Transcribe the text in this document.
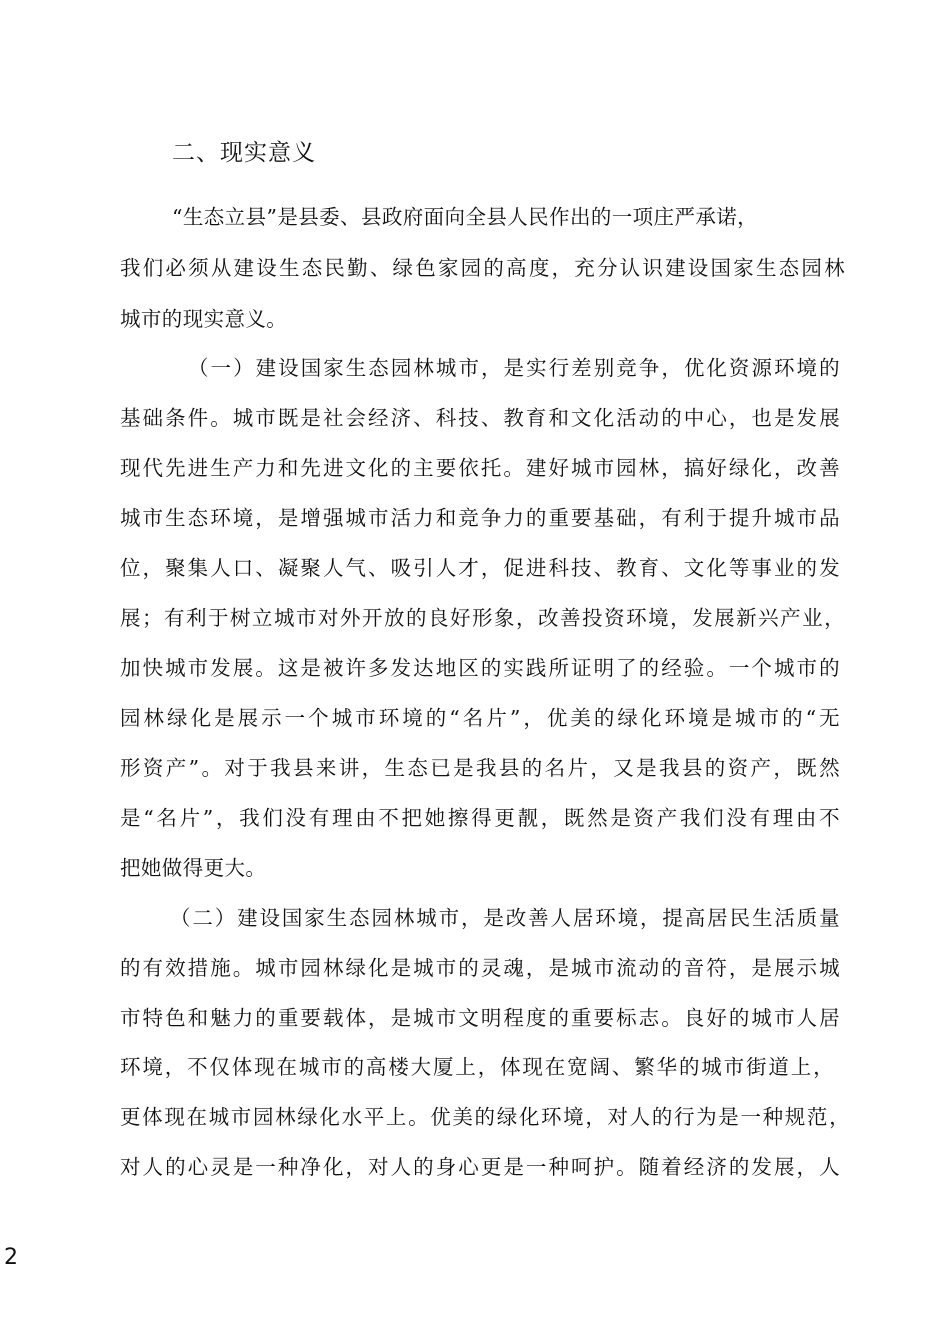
二、现实意义
“生态立县”是县委、县政府面向全县人民作出的一项庄严承诺，
我们必须从建设生态民勤、绿色家园的高度，充分认识建设国家生态园林
城市的现实意义。
（一）建设国家生态园林城市，是实行差别竞争，优化资源环境的
基础条件。城市既是社会经济、科技、教育和文化活动的中心，也是发展
现代先进生产力和先进文化的主要依托。建好城市园林，搞好绿化，改善
城市生态环境，是增强城市活力和竞争力的重要基础，有利于提升城市品
位，聚集人口、凝聚人气、吸引人才，促进科技、教育、文化等事业的发
展；有利于树立城市对外开放的良好形象，改善投资环境，发展新兴产业，
加快城市发展。这是被许多发达地区的实践所证明了的经验。一个城市的
园林绿化是展示一个城市环境的“名片”，优美的绿化环境是城市的“无
形资产”。对于我县来讲，生态已是我县的名片，又是我县的资产，既然
是“名片”，我们没有理由不把她擦得更靓，既然是资产我们没有理由不
把她做得更大。
（二）建设国家生态园林城市，是改善人居环境，提高居民生活质量
的有效措施。城市园林绿化是城市的灵魂，是城市流动的音符，是展示城
市特色和魅力的重要载体，是城市文明程度的重要标志。良好的城市人居
环境，不仅体现在城市的高楼大厦上，体现在宽阔、繁华的城市街道上，
更体现在城市园林绿化水平上。优美的绿化环境，对人的行为是一种规范，
对人的心灵是一种净化，对人的身心更是一种呵护。随着经济的发展，人
2
